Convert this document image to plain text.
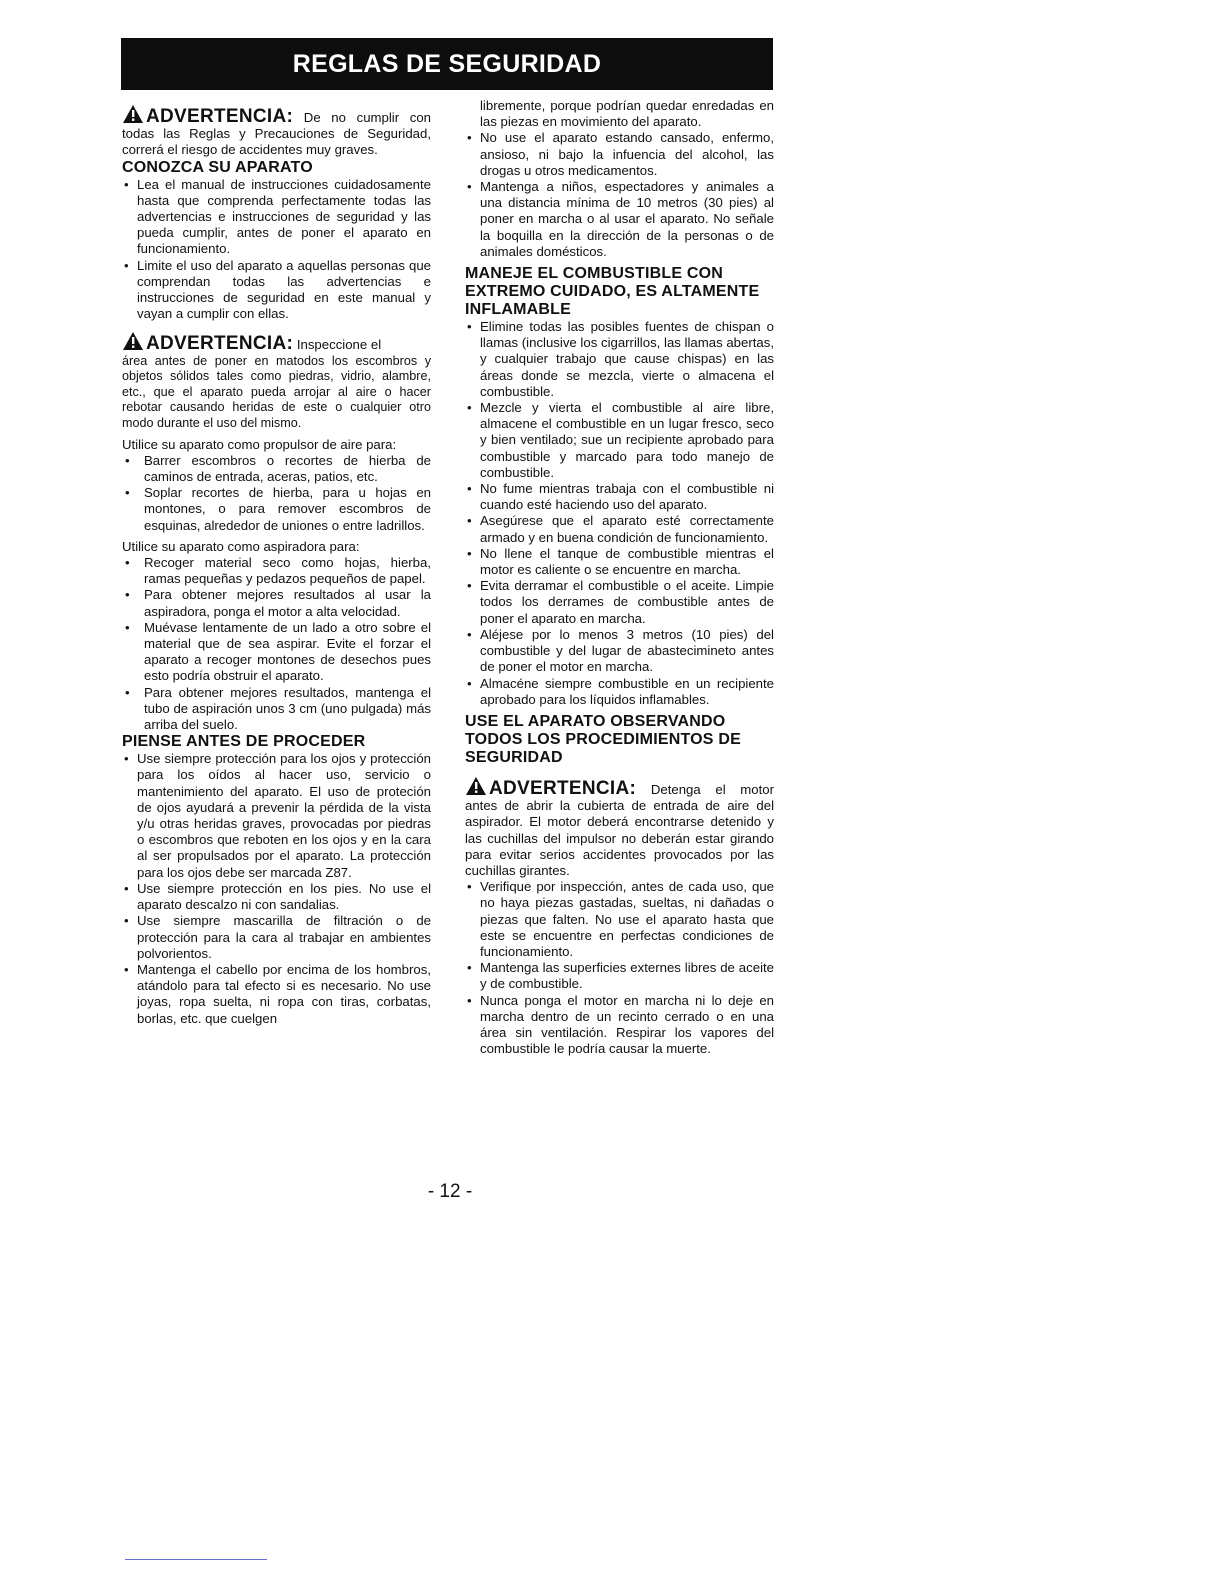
REGLAS DE SEGURIDAD

ADVERTENCIA: De no cumplir con todas las Reglas y Precauciones de Seguridad, correrá el riesgo de accidentes muy graves.

CONOZCA SU APARATO
• Lea el manual de instrucciones cuidadosamente hasta que comprenda perfectamente todas las advertencias e instrucciones de seguridad y las pueda cumplir, antes de poner el aparato en funcionamiento.
• Limite el uso del aparato a aquellas personas que comprendan todas las advertencias e instrucciones de seguridad en este manual y vayan a cumplir con ellas.

ADVERTENCIA: Inspeccione el

área antes de poner en matodos los escombros y objetos sólidos tales como piedras, vidrio, alambre, etc., que el aparato pueda arrojar al aire o hacer rebotar causando heridas de este o cualquier otro modo durante el uso del mismo.

Utilice su aparato como propulsor de aire para:

• Barrer escombros o recortes de hierba de caminos de entrada, aceras, patios, etc.
• Soplar recortes de hierba, para u hojas en montones, o para remover escombros de esquinas, alrededor de uniones o entre ladrillos.

Utilice su aparato como aspiradora para:

• Recoger material seco como hojas, hierba, ramas pequeñas y pedazos pequeños de papel.
• Para obtener mejores resultados al usar la aspiradora, ponga el motor a alta velocidad.
• Muévase lentamente de un lado a otro sobre el material que de sea aspirar. Evite el forzar el aparato a recoger montones de desechos pues esto podría obstruir el aparato.
• Para obtener mejores resultados, mantenga el tubo de aspiración unos 3 cm (uno pulgada) más arriba del suelo.
PIENSE ANTES DE PROCEDER
• Use siempre protección para los ojos y protección para los oídos al hacer uso, servicio o mantenimiento del aparato. El uso de proteción de ojos ayudará a prevenir la pérdida de la vista y/u otras heridas graves, provocadas por piedras o escombros que reboten en los ojos y en la cara al ser propulsados por el aparato. La protección para los ojos debe ser marcada Z87.
• Use siempre protección en los pies. No use el aparato descalzo ni con sandalias.
• Use siempre mascarilla de filtración o de protección para la cara al trabajar en ambientes polvorientos.
• Mantenga el cabello por encima de los hombros, atándolo para tal efecto si es necesario. No use joyas, ropa suelta, ni ropa con tiras, corbatas, borlas, etc. que cuelgen

libremente, porque podrían quedar enredadas en las piezas en movimiento del aparato.

• No use el aparato estando cansado, enfermo, ansioso, ni bajo la infuencia del alcohol, las drogas u otros medicamentos.
• Mantenga a niños, espectadores y animales a una distancia mínima de 10 metros (30 pies) al poner en marcha o al usar el aparato. No señale la boquilla en la dirección de la personas o de animales domésticos.
MANEJE EL COMBUSTIBLE CON EXTREMO CUIDADO, ES ALTAMENTE INFLAMABLE
• Elimine todas las posibles fuentes de chispan o llamas (inclusive los cigarrillos, las llamas abertas, y cualquier trabajo que cause chispas) en las áreas donde se mezcla, vierte o almacena el combustible.
• Mezcle y vierta el combustible al aire libre, almacene el combustible en un lugar fresco, seco y bien ventilado; sue un recipiente aprobado para combustible y marcado para todo manejo de combustible.
• No fume mientras trabaja con el combustible ni cuando esté haciendo uso del aparato.
• Asegúrese que el aparato esté correctamente armado y en buena condición de funcionamiento.
• No llene el tanque de combustible mientras el motor es caliente o se encuentre en marcha.
• Evita derramar el combustible o el aceite. Limpie todos los derrames de combustible antes de poner el aparato en marcha.
• Aléjese por lo menos 3 metros (10 pies) del combustible y del lugar de abastecimineto antes de poner el motor en marcha.
• Almacéne siempre combustible en un recipiente aprobado para los líquidos inflamables.
USE EL APARATO OBSERVANDO TODOS LOS PROCEDIMIENTOS DE SEGURIDAD

ADVERTENCIA: Detenga el motor antes de abrir la cubierta de entrada de aire del aspirador. El motor deberá encontrarse detenido y las cuchillas del impulsor no deberán estar girando para evitar serios accidentes provocados por las cuchillas girantes.

• Verifique por inspección, antes de cada uso, que no haya piezas gastadas, sueltas, ni dañadas o piezas que falten. No use el aparato hasta que este se encuentre en perfectas condiciones de funcionamiento.
• Mantenga las superficies externes libres de aceite y de combustible.
• Nunca ponga el motor en marcha ni lo deje en marcha dentro de un recinto cerrado o en una área sin ventilación. Respirar los vapores del combustible le podría causar la muerte.
- 12 -
